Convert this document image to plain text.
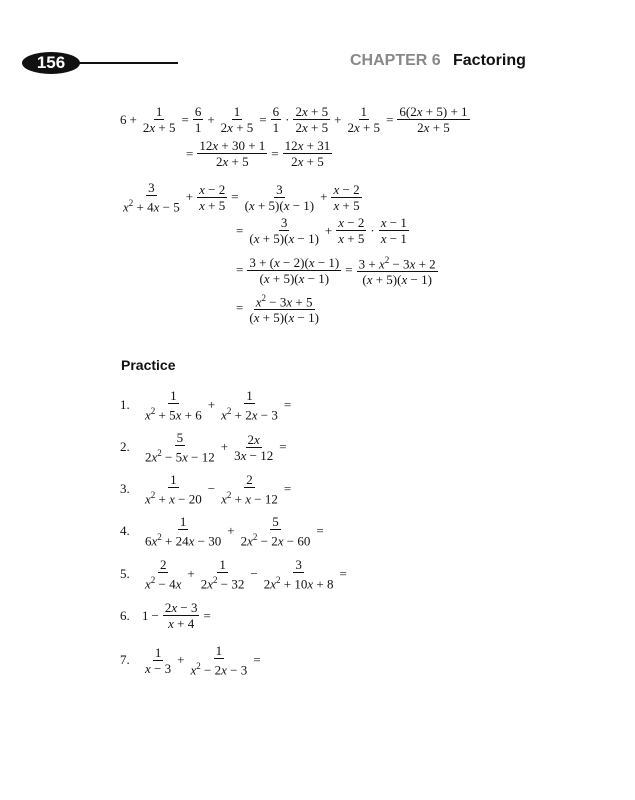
156	CHAPTER 6 Factoring
$6 + \frac{1}{2x + 5} = \frac{6}{1} + \frac{1}{2x + 5} = \frac{6}{1} \cdot 2x + 5$
2x + 5
+ $\frac{1}{2x + 5} = \frac{6(2x + 5) + 1}{2x + 5}$
= $\frac{12x + 30 + 1}{2x + 5} = \frac{12x + 31}{2x + 5}$
3
$x^2 + 4x - 5$
+ $\frac{x - 2}{x + 5} = \frac{3}{(x + 5)(x - 1)} + \frac{x - 2}{x + 5}$
= $\frac{3}{(x + 5)(x - 1)} + \frac{x - 2}{x + 5} \cdot x - 1$
x − 1
= $\frac{3 + (x - 2)(x - 1)}{(x + 5)(x - 1)} = \frac{3 + x^2 - 3x + 2}{(x + 5)(x - 1)}$
= $\frac{x^2 - 3x + 5}{(x + 5)(x - 1)}$
Practice
1.
1
$x^2 + 5x + 6$
+ $\frac{1}{x^2 + 2x - 3}$ =
2.
5
$2x^2 - 5x - 12$
+ $\frac{2x}{3x - 12}$ =
3.
1
$x^2 + x - 20$
− $\frac{2}{x^2 + x - 12}$ =
4.
1
$6x^2 + 24x - 30$
+ $\frac{5}{2x^2 - 2x - 60}$ =
5.
2
$x^2 - 4x$
+ $\frac{1}{2x^2 - 32} - \frac{3}{2x^2 + 10x + 8}$ =
6. $1 - \frac{2x - 3}{x + 4}$ =
7.	1
x − 3
+ $\frac{1}{x^2 - 2x - 3}$ =
